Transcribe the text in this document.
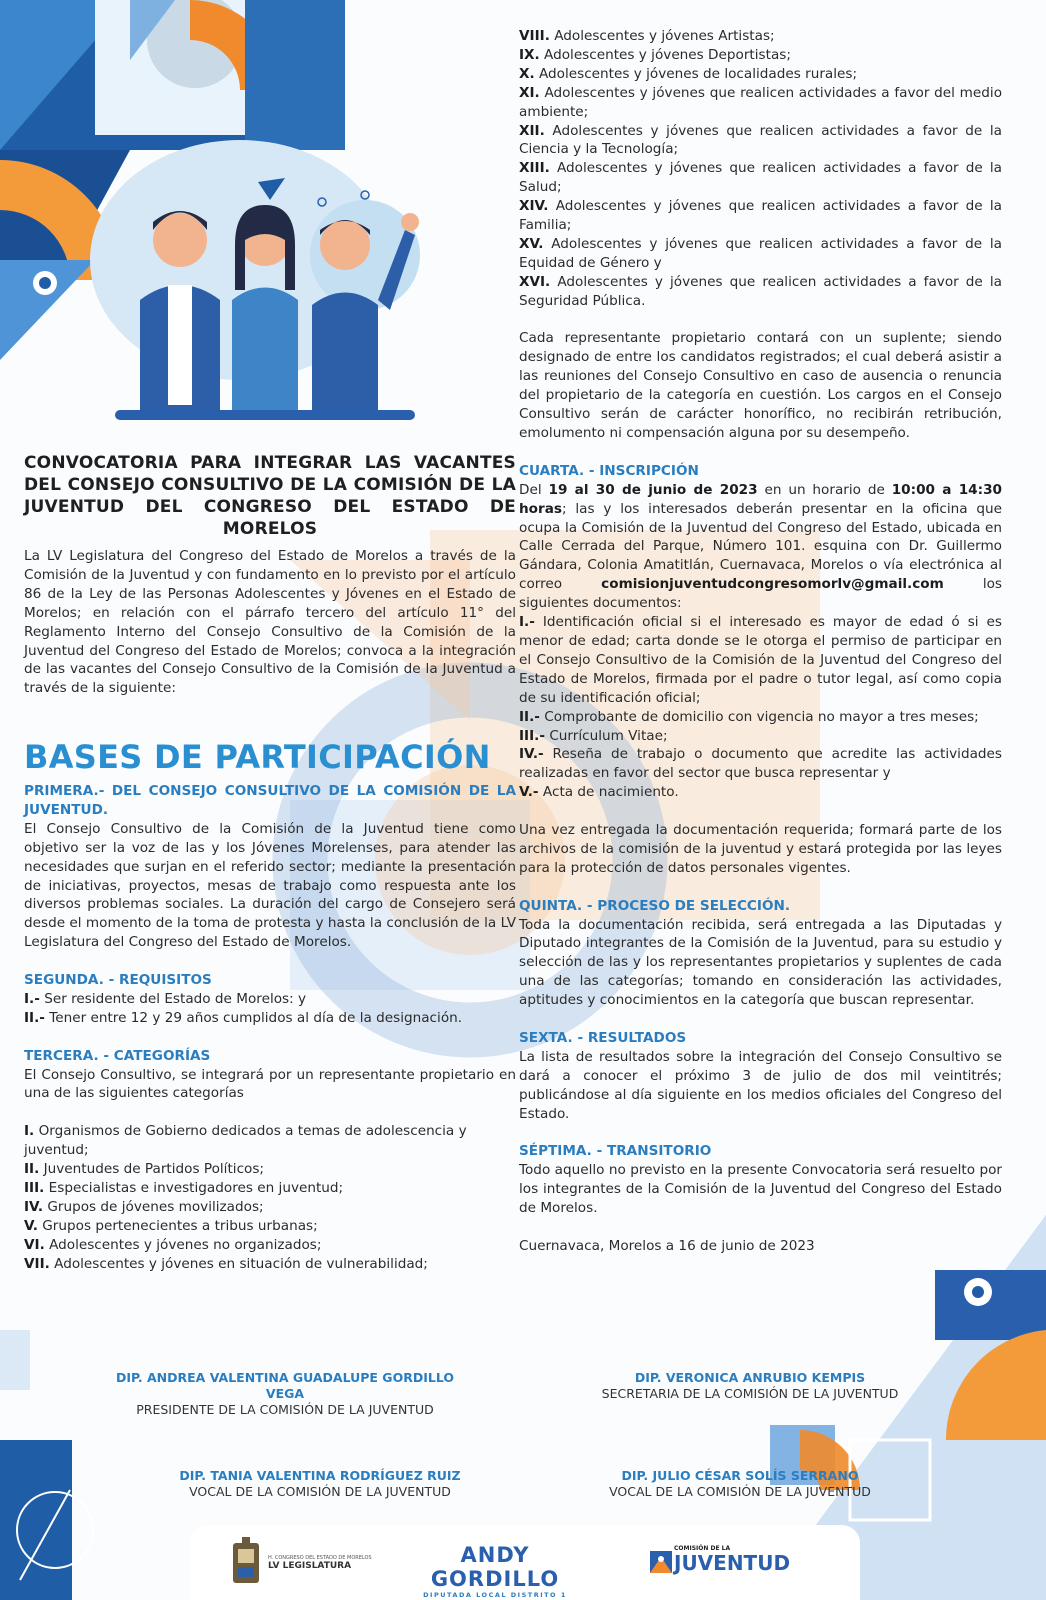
CONVOCATORIA PARA INTEGRAR LAS VACANTES DEL CONSEJO CONSULTIVO DE LA COMISIÓN DE LA JUVENTUD DEL CONGRESO DEL ESTADO DE MORELOS
La LV Legislatura del Congreso del Estado de Morelos a través de la Comisión de la Juventud y con fundamento en lo previsto por el artículo 86 de la Ley de las Personas Adolescentes y Jóvenes en el Estado de Morelos; en relación con el párrafo tercero del artículo 11° del Reglamento Interno del Consejo Consultivo de la Comisión de la Juventud del Congreso del Estado de Morelos; convoca a la integración de las vacantes del Consejo Consultivo de la Comisión de la Juventud a través de la siguiente:
BASES DE PARTICIPACIÓN

PRIMERA.- DEL CONSEJO CONSULTIVO DE LA COMISIÓN DE LA JUVENTUD.

El Consejo Consultivo de la Comisión de la Juventud tiene como objetivo ser la voz de las y los Jóvenes Morelenses, para atender las necesidades que surjan en el referido sector; mediante la presentación de iniciativas, proyectos, mesas de trabajo como respuesta ante los diversos problemas sociales. La duración del cargo de Consejero será desde el momento de la toma de protesta y hasta la conclusión de la LV Legislatura del Congreso del Estado de Morelos.

SEGUNDA. - REQUISITOS

I.- Ser residente del Estado de Morelos: y

II.- Tener entre 12 y 29 años cumplidos al día de la designación.

TERCERA. - CATEGORÍAS

El Consejo Consultivo, se integrará por un representante propietario en una de las siguientes categorías

I. Organismos de Gobierno dedicados a temas de adolescencia y juventud;

II. Juventudes de Partidos Políticos;

III. Especialistas e investigadores en juventud;

IV. Grupos de jóvenes movilizados;

V. Grupos pertenecientes a tribus urbanas;

VI. Adolescentes y jóvenes no organizados;

VII. Adolescentes y jóvenes en situación de vulnerabilidad;

VIII. Adolescentes y jóvenes Artistas;

IX. Adolescentes y jóvenes Deportistas;

X. Adolescentes y jóvenes de localidades rurales;

XI. Adolescentes y jóvenes que realicen actividades a favor del medio ambiente;

XII. Adolescentes y jóvenes que realicen actividades a favor de la Ciencia y la Tecnología;

XIII. Adolescentes y jóvenes que realicen actividades a favor de la Salud;

XIV. Adolescentes y jóvenes que realicen actividades a favor de la Familia;

XV. Adolescentes y jóvenes que realicen actividades a favor de la Equidad de Género y

XVI. Adolescentes y jóvenes que realicen actividades a favor de la Seguridad Pública.

Cada representante propietario contará con un suplente; siendo designado de entre los candidatos registrados; el cual deberá asistir a las reuniones del Consejo Consultivo en caso de ausencia o renuncia del propietario de la categoría en cuestión. Los cargos en el Consejo Consultivo serán de carácter honorífico, no recibirán retribución, emolumento ni compensación alguna por su desempeño.

CUARTA. - INSCRIPCIÓN

Del 19 al 30 de junio de 2023 en un horario de 10:00 a 14:30 horas; las y los interesados deberán presentar en la oficina que ocupa la Comisión de la Juventud del Congreso del Estado, ubicada en Calle Cerrada del Parque, Número 101. esquina con Dr. Guillermo Gándara, Colonia Amatitlán, Cuernavaca, Morelos o vía electrónica al correo	comisionjuventudcongresomorlv@gmail.com	los siguientes documentos:

I.- Identificación oficial si el interesado es mayor de edad ó si es menor de edad; carta donde se le otorga el permiso de participar en el Consejo Consultivo de la Comisión de la Juventud del Congreso del Estado de Morelos, firmada por el padre o tutor legal, así como copia de su identificación oficial;

II.- Comprobante de domicilio con vigencia no mayor a tres meses;

III.- Currículum Vitae;

IV.- Reseña de trabajo o documento que acredite las actividades realizadas en favor del sector que busca representar y

V.- Acta de nacimiento.

Una vez entregada la documentación requerida; formará parte de los archivos de la comisión de la juventud y estará protegida por las leyes para la protección de datos personales vigentes.

QUINTA. - PROCESO DE SELECCIÓN.

Toda la documentación recibida, será entregada a las Diputadas y Diputado integrantes de la Comisión de la Juventud, para su estudio y selección de las y los representantes propietarios y suplentes de cada una de las categorías; tomando en consideración las actividades, aptitudes y conocimientos en la categoría que buscan representar.

SEXTA. - RESULTADOS

La lista de resultados sobre la integración del Consejo Consultivo se dará a conocer el próximo 3 de julio de dos mil veintitrés; publicándose al día siguiente en los medios oficiales del Congreso del Estado.

SÉPTIMA. - TRANSITORIO

Todo aquello no previsto en la presente Convocatoria será resuelto por los integrantes de la Comisión de la Juventud del Congreso del Estado de Morelos.

Cuernavaca, Morelos a 16 de junio de 2023

DIP. ANDREA VALENTINA GUADALUPE GORDILLO VEGA
PRESIDENTE DE LA COMISIÓN DE LA JUVENTUD
DIP. VERONICA ANRUBIO KEMPIS
SECRETARIA DE LA COMISIÓN DE LA JUVENTUD
DIP. TANIA VALENTINA RODRÍGUEZ RUIZ
VOCAL DE LA COMISIÓN DE LA JUVENTUD
DIP. JULIO CÉSAR SOLÍS SERRANO
VOCAL DE LA COMISIÓN DE LA JUVENTUD
H. CONGRESO DEL ESTADO DE MORELOS
LV LEGISLATURA	ANDY GORDILLO
DIPUTADA LOCAL DISTRITO 1
COMISIÓN DE LA
JUVENTUD
